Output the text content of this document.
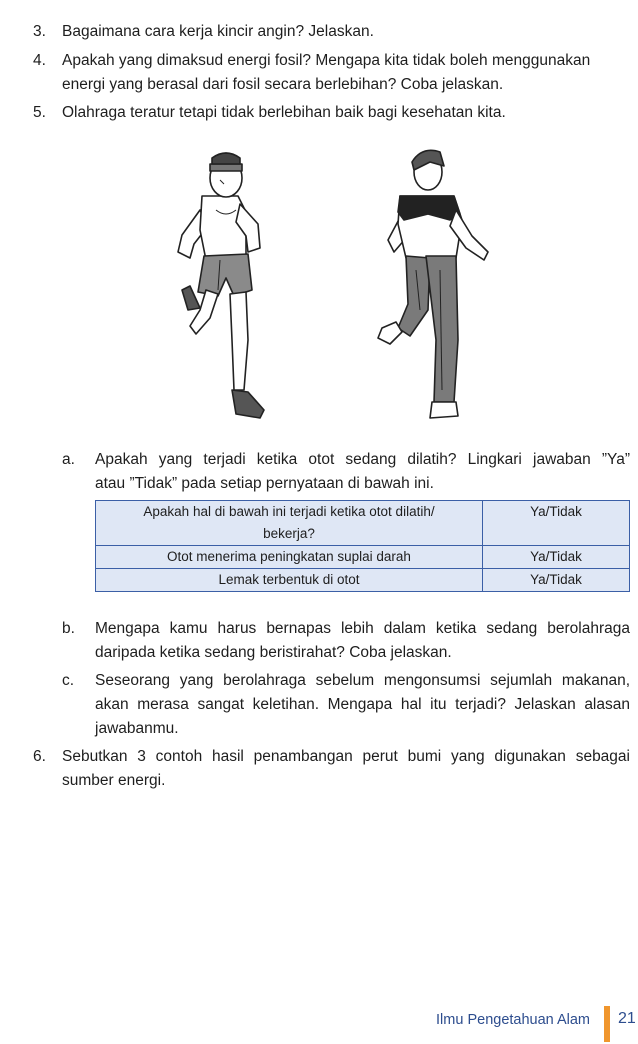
3. Bagaimana cara kerja kincir angin? Jelaskan.
4. Apakah yang dimaksud energi fosil? Mengapa kita tidak boleh menggunakan
energi yang berasal dari fosil secara berlebihan? Coba jelaskan.
5. Olahraga teratur tetapi tidak berlebihan baik bagi kesehatan kita.
a. Apakah yang terjadi ketika otot sedang dilatih? Lingkari jawaban ”Ya”
atau ”Tidak” pada setiap pernyataan di bawah ini.
Apakah hal di bawah ini terjadi ketika otot dilatih/
bekerja?	Ya/Tidak
Otot menerima peningkatan suplai darah	Ya/Tidak
Lemak terbentuk di otot	Ya/Tidak
b. Mengapa kamu harus bernapas lebih dalam ketika sedang berolahraga
daripada ketika sedang beristirahat? Coba jelaskan.
c. Seseorang yang berolahraga sebelum mengonsumsi sejumlah makanan,
akan merasa sangat keletihan. Mengapa hal itu terjadi? Jelaskan alasan
jawabanmu.
6. Sebutkan 3 contoh hasil penambangan perut bumi yang digunakan sebagai
sumber energi.
Ilmu Pengetahuan Alam 21
